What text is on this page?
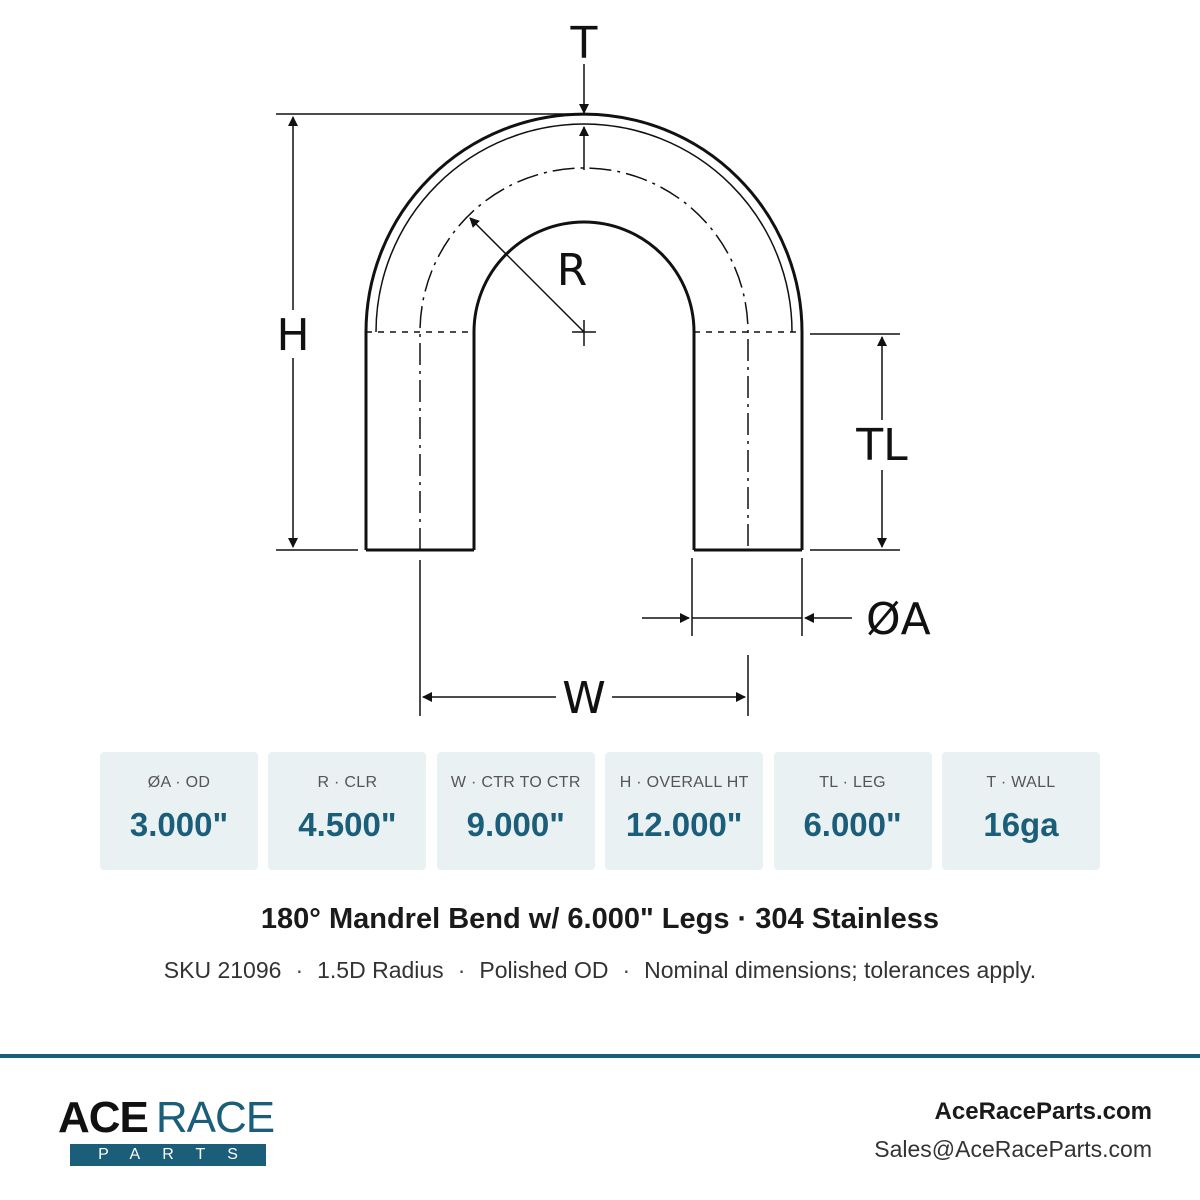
R
T
H
TL
ØA
W
ØA · OD
3.000"
R · CLR
4.500"
W · CTR TO CTR
9.000"
H · OVERALL HT
12.000"
TL · LEG
6.000"
T · WALL
16ga
180° Mandrel Bend w/ 6.000" Legs · 304 Stainless
SKU 21096 · 1.5D Radius · Polished OD · Nominal dimensions; tolerances apply.
ACE RACE
PARTS
AceRaceParts.com
Sales@AceRaceParts.com
